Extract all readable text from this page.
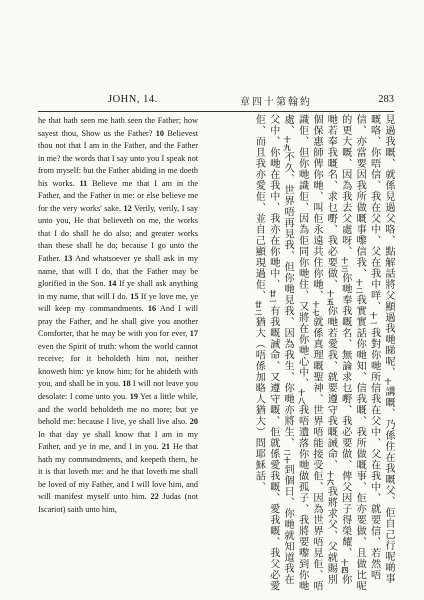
JOHN, 14.	章四十第翰約	283
he that hath seen me hath seen the Father; how sayest thou, Show us the Father? 10 Believest thou not that I am in the Father, and the Father in me? the words that I say unto you I speak not from myself: but the Father abiding in me doeth his works. 11 Believe me that I am in the Father, and the Father in me: or else believe me for the very works' sake. 12 Verily, verily, I say unto you, He that believeth on me, the works that I do shall he do also; and greater works than these shall he do; because I go unto the Father. 13 And whatsoever ye shall ask in my name, that will I do, that the Father may be glorified in the Son. 14 If ye shall ask anything in my name, that will I do. 15 If ye love me, ye will keep my commandments. 16 And I will pray the Father, and he shall give you another Comforter, that he may be with you for ever, 17 even the Spirit of truth: whom the world cannot receive; for it beholdeth him not, neither knoweth him: ye know him; for he abideth with you, and shall be in you. 18 I will not leave you desolate: I come unto you. 19 Yet a little while, and the world beholdeth me no more; but ye behold me: because I live, ye shall live also. 20 In that day ye shall know that I am in my Father, and ye in me, and I in you. 21 He that hath my commandments, and keepeth them, he it is that loveth me: and he that loveth me shall be loved of my Father, and I will love him, and will manifest myself unto him. 22 Judas (not Iscariot) saith unto him,
見過我嘅、就係見過父咯、點解話將父顯過我哋睇呢、十講嘅、乃係住在我嘅父、佢自己行呢啲事嘅咯、你唔信、我在父中、父在我中咩、十一我對你哋所信我在父中、父在我中、就要信、若然唔信、亦當要因我所做嘅事嚟信我、十二我實實話你哋知、信我嘅、我所做嘅事、佢亦要做、且做比呢的更大嘅、因為我去父處呀、十三你哋奉我嘅名、無論求乜嘢、我必要做、俾父因子得榮耀、十四你哋若奉我嘅名、求乜嘢、我必要做、十五你哋若愛我、就要遵守我嘅誡命、十六我將求父、父就賜別個保惠師俾你哋、叫佢永遠共住你哋、十七就係真理嘅聖神、世界唔能接受佢、因為世界唔見佢、唔識佢、但你哋識佢、因為佢同你哋住、又將在你哋心中、十八我唔遺落你哋做孤子、我將要嚟到你哋處、十九不久、世界唔再見我、但你哋見我、因為我生、你哋亦將生、二十到個日、你哋就知道我在父中、你哋在我中、我亦在你哋中、廿一有我嘅誡命、又遵守嘅、佢就係愛我嘅、愛我嘅、我父必愛佢、而且我亦愛佢、並自己顯現過佢、廿二猶大（唔係加略人猶大）問耶穌話、
